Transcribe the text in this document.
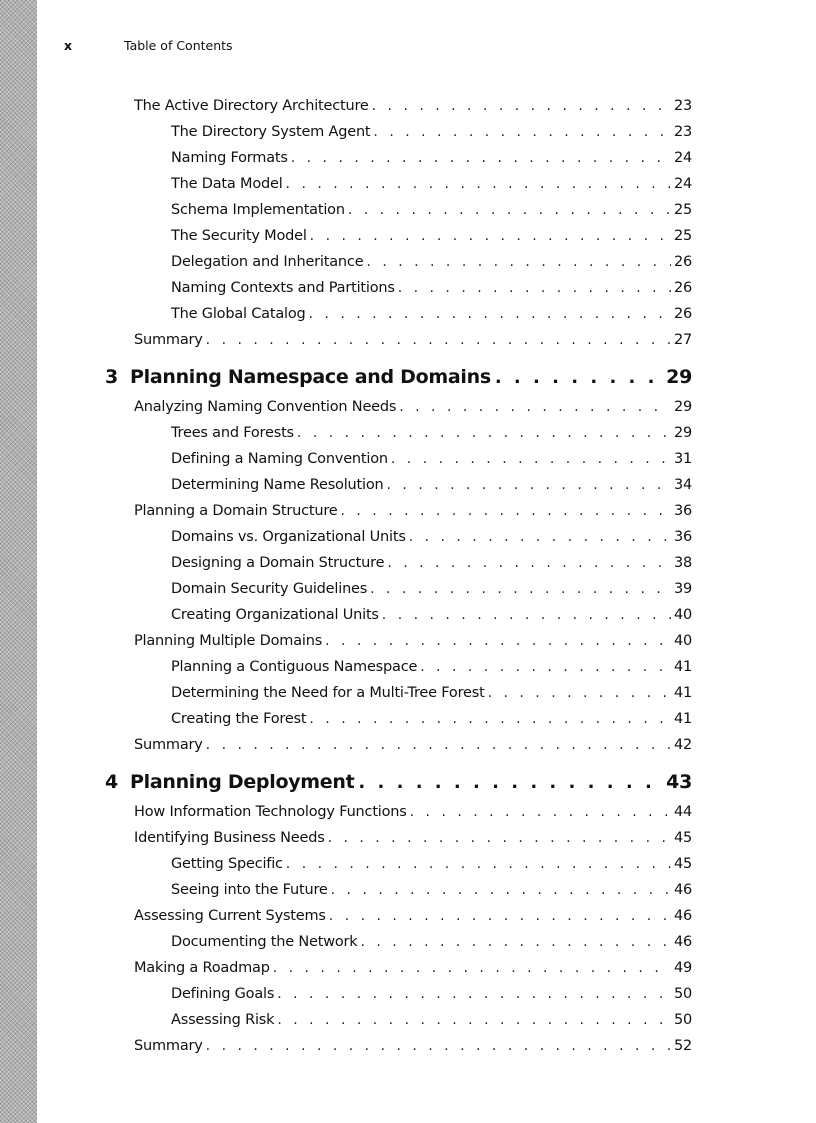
x	Table of Contents
The Active Directory Architecture . . .	23
The Directory System Agent . . .	23
Naming Formats . . .	24
The Data Model . . .	24
Schema Implementation . . .	25
The Security Model . . .	25
Delegation and Inheritance . . .	26
Naming Contexts and Partitions . . .	26
The Global Catalog . . .	26
Summary . . .	27
3 Planning Namespace and Domains . . .	29
Analyzing Naming Convention Needs . . .	29
Trees and Forests . . .	29
Defining a Naming Convention . . .	31
Determining Name Resolution . . .	34
Planning a Domain Structure . . .	36
Domains vs. Organizational Units . . .	36
Designing a Domain Structure . . .	38
Domain Security Guidelines . . .	39
Creating Organizational Units . . .	40
Planning Multiple Domains . . .	40
Planning a Contiguous Namespace . . .	41
Determining the Need for a Multi-Tree Forest . . .	41
Creating the Forest . . .	41
Summary . . .	42
4 Planning Deployment . . .	43
How Information Technology Functions . . .	44
Identifying Business Needs . . .	45
Getting Specific . . .	45
Seeing into the Future . . .	46
Assessing Current Systems . . .	46
Documenting the Network . . .	46
Making a Roadmap . . .	49
Defining Goals . . .	50
Assessing Risk . . .	50
Summary . . .	52
